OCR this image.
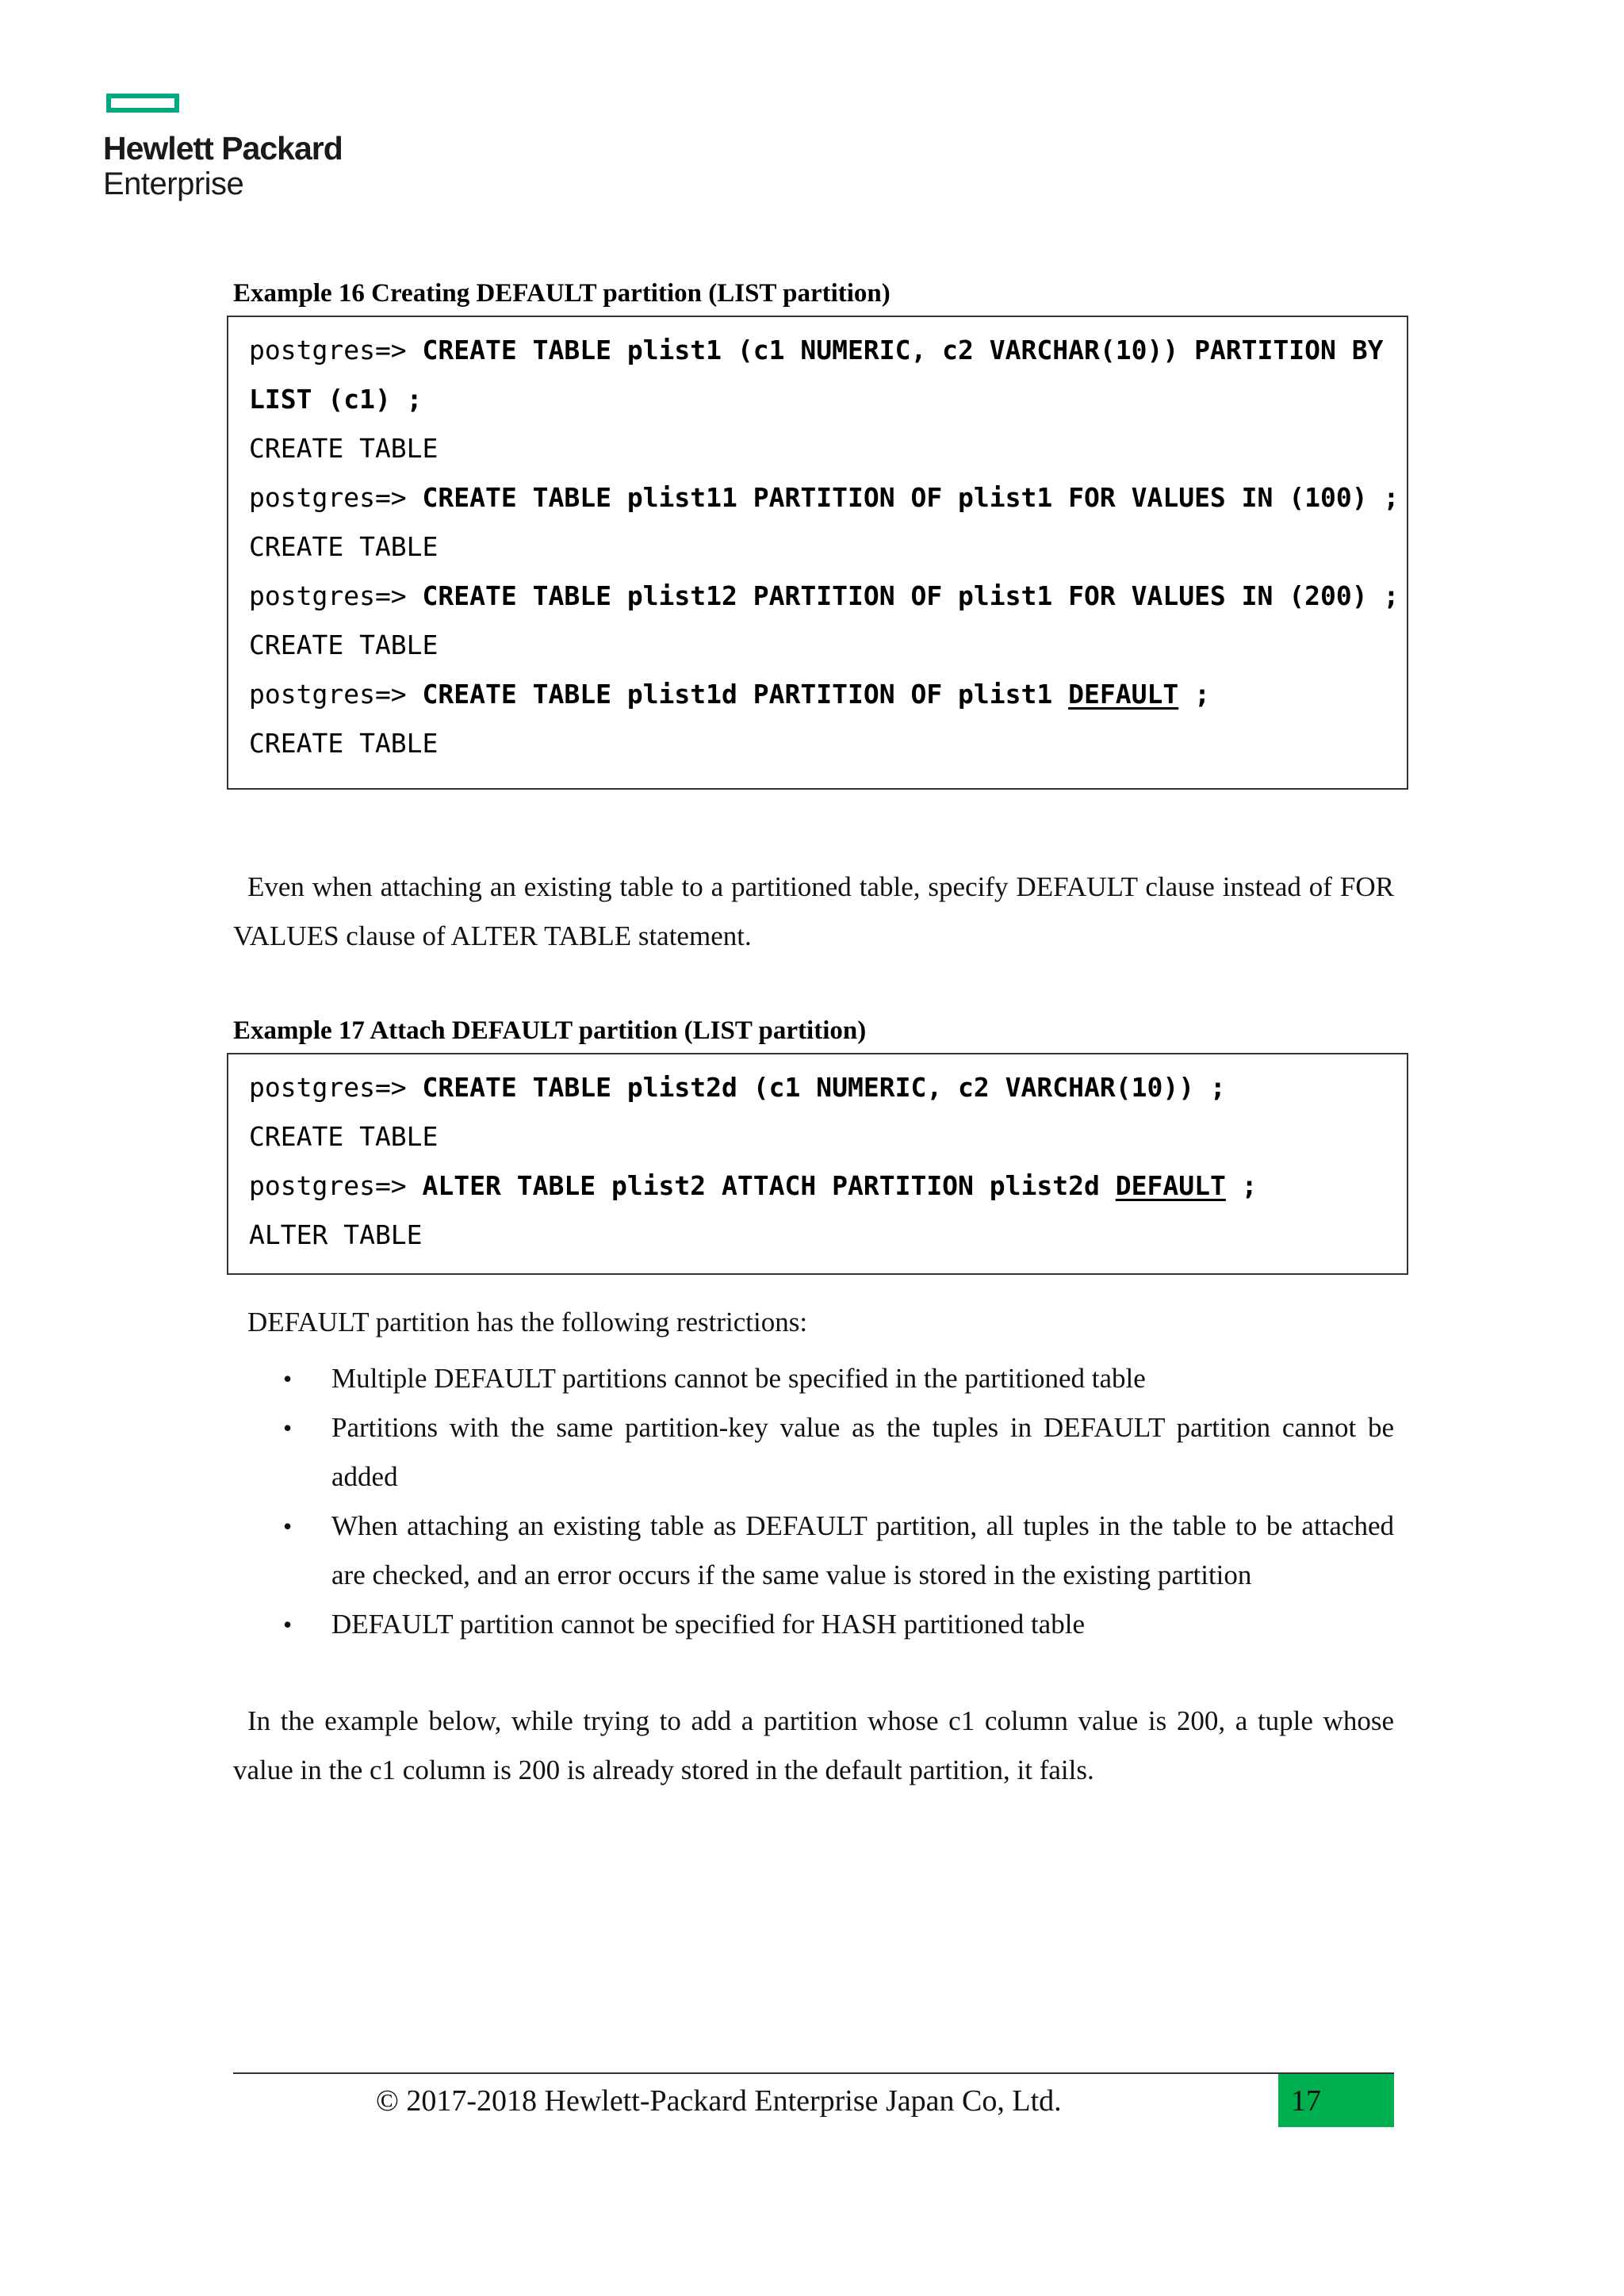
Hewlett Packard
Enterprise
Example 16 Creating DEFAULT partition (LIST partition)
postgres=> CREATE TABLE plist1 (c1 NUMERIC, c2 VARCHAR(10)) PARTITION BY
LIST (c1) ;
CREATE TABLE
postgres=> CREATE TABLE plist11 PARTITION OF plist1 FOR VALUES IN (100) ;
CREATE TABLE
postgres=> CREATE TABLE plist12 PARTITION OF plist1 FOR VALUES IN (200) ;
CREATE TABLE
postgres=> CREATE TABLE plist1d PARTITION OF plist1 DEFAULT ;
CREATE TABLE
Even when attaching an existing table to a partitioned table, specify DEFAULT clause instead of FOR VALUES clause of ALTER TABLE statement.
Example 17 Attach DEFAULT partition (LIST partition)
postgres=> CREATE TABLE plist2d (c1 NUMERIC, c2 VARCHAR(10)) ;
CREATE TABLE
postgres=> ALTER TABLE plist2 ATTACH PARTITION plist2d DEFAULT ;
ALTER TABLE
DEFAULT partition has the following restrictions:
• Multiple DEFAULT partitions cannot be specified in the partitioned table
• Partitions with the same partition-key value as the tuples in DEFAULT partition cannot be added
• When attaching an existing table as DEFAULT partition, all tuples in the table to be attached are checked, and an error occurs if the same value is stored in the existing partition
• DEFAULT partition cannot be specified for HASH partitioned table
In the example below, while trying to add a partition whose c1 column value is 200, a tuple whose value in the c1 column is 200 is already stored in the default partition, it fails.
© 2017-2018 Hewlett-Packard Enterprise Japan Co, Ltd.	17
